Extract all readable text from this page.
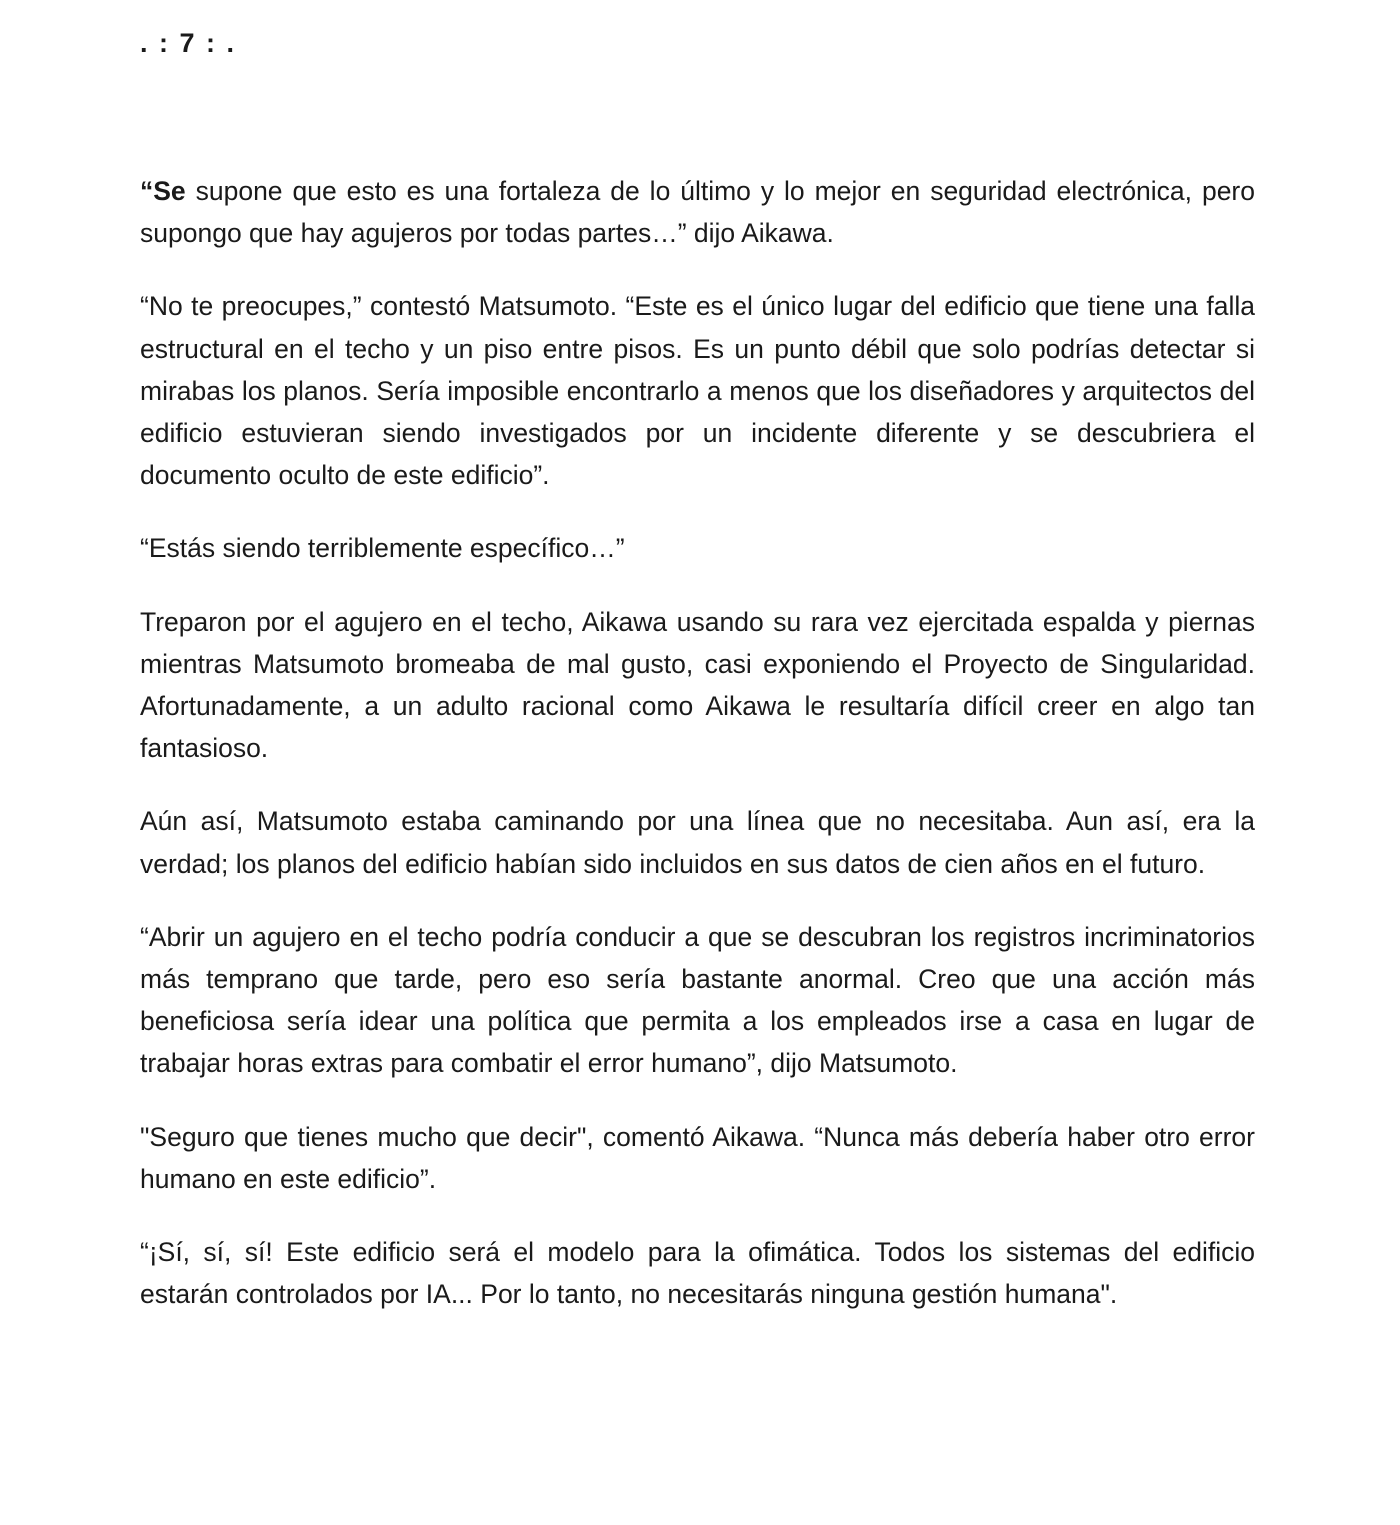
. : 7 : .

“Se supone que esto es una fortaleza de lo último y lo mejor en seguridad electrónica, pero supongo que hay agujeros por todas partes…” dijo Aikawa.

“No te preocupes,” contestó Matsumoto. “Este es el único lugar del edificio que tiene una falla estructural en el techo y un piso entre pisos. Es un punto débil que solo podrías detectar si mirabas los planos. Sería imposible encontrarlo a menos que los diseñadores y arquitectos del edificio estuvieran siendo investigados por un incidente diferente y se descubriera el documento oculto de este edificio”.

“Estás siendo terriblemente específico…”

Treparon por el agujero en el techo, Aikawa usando su rara vez ejercitada espalda y piernas mientras Matsumoto bromeaba de mal gusto, casi exponiendo el Proyecto de Singularidad. Afortunadamente, a un adulto racional como Aikawa le resultaría difícil creer en algo tan fantasioso.

Aún así, Matsumoto estaba caminando por una línea que no necesitaba. Aun así, era la verdad; los planos del edificio habían sido incluidos en sus datos de cien años en el futuro.

“Abrir un agujero en el techo podría conducir a que se descubran los registros incriminatorios más temprano que tarde, pero eso sería bastante anormal. Creo que una acción más beneficiosa sería idear una política que permita a los empleados irse a casa en lugar de trabajar horas extras para combatir el error humano”, dijo Matsumoto.

"Seguro que tienes mucho que decir", comentó Aikawa. “Nunca más debería haber otro error humano en este edificio”.

“¡Sí, sí, sí! Este edificio será el modelo para la ofimática. Todos los sistemas del edificio estarán controlados por IA... Por lo tanto, no necesitarás ninguna gestión humana".
